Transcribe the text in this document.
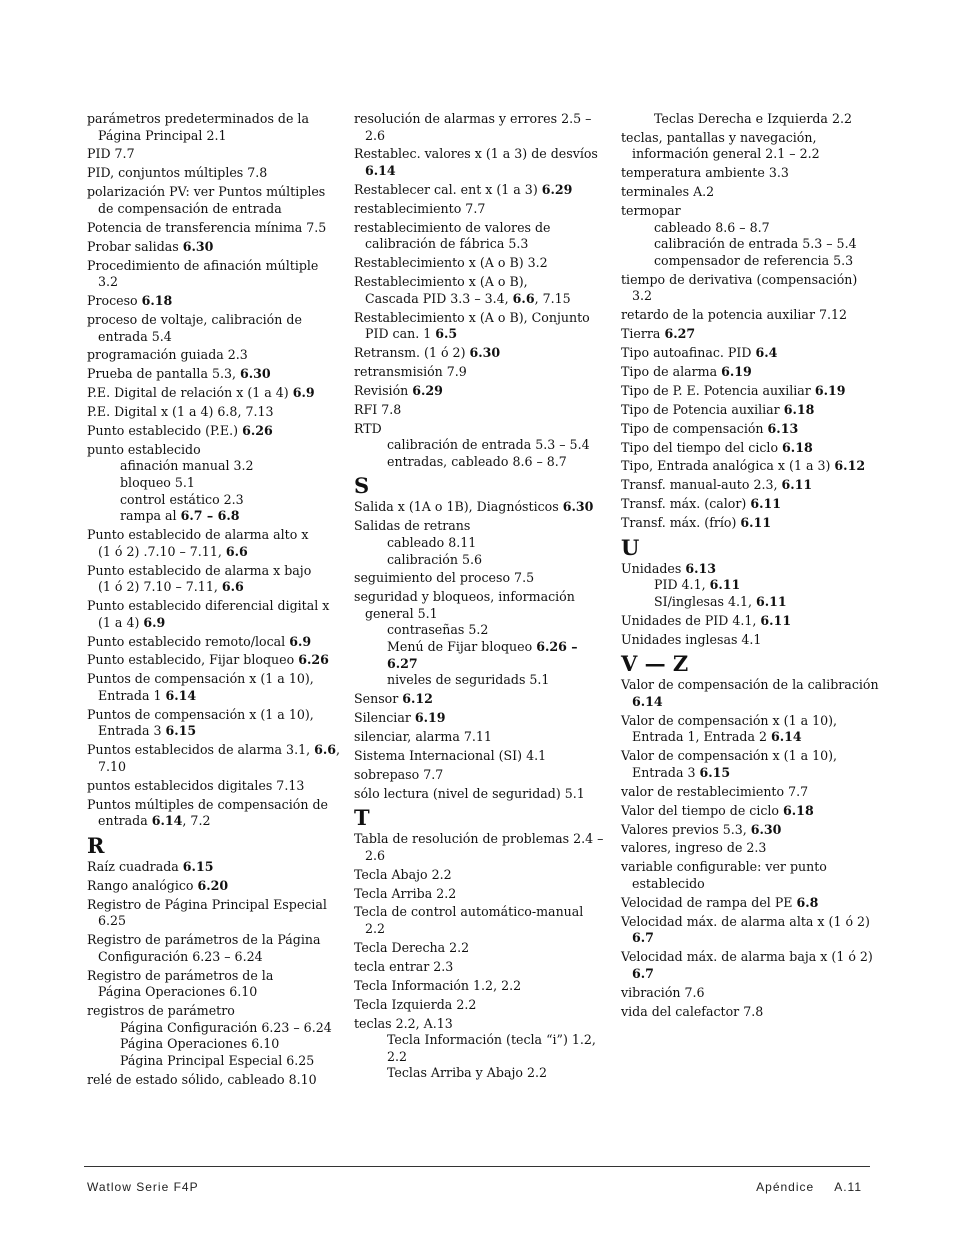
parámetros predeterminados de la
Página Principal 2.1
PID 7.7
PID, conjuntos múltiples 7.8
polarización PV: ver Puntos múltiples
de compensación de entrada
Potencia de transferencia mínima 7.5
Probar salidas 6.30
Procedimiento de afinación múltiple
3.2
Proceso 6.18
proceso de voltaje, calibración de
entrada 5.4
programación guiada 2.3
Prueba de pantalla 5.3, 6.30
P.E. Digital de relación x (1 a 4) 6.9
P.E. Digital x (1 a 4) 6.8, 7.13
Punto establecido (P.E.) 6.26
punto establecido
afinación manual 3.2
bloqueo 5.1
control estático 2.3
rampa al 6.7 – 6.8
Punto establecido de alarma alto x
(1 ó 2) .7.10 – 7.11, 6.6
Punto establecido de alarma x bajo
(1 ó 2) 7.10 – 7.11, 6.6
Punto establecido diferencial digital x
(1 a 4) 6.9
Punto establecido remoto/local 6.9
Punto establecido, Fijar bloqueo 6.26
Puntos de compensación x (1 a 10),
Entrada 1 6.14
Puntos de compensación x (1 a 10),
Entrada 3 6.15
Puntos establecidos de alarma 3.1, 6.6,
7.10
puntos establecidos digitales 7.13
Puntos múltiples de compensación de
entrada 6.14, 7.2
R
Raíz cuadrada 6.15
Rango analógico 6.20
Registro de Página Principal Especial
6.25
Registro de parámetros de la Página
Configuración 6.23 – 6.24
Registro de parámetros de la
Página Operaciones 6.10
registros de parámetro
Página Configuración 6.23 – 6.24
Página Operaciones 6.10
Página Principal Especial 6.25
relé de estado sólido, cableado 8.10
resolución de alarmas y errores 2.5 –
2.6
Restablec. valores x (1 a 3) de desvíos
6.14
Restablecer cal. ent x (1 a 3) 6.29
restablecimiento 7.7
restablecimiento de valores de
calibración de fábrica 5.3
Restablecimiento x (A o B) 3.2
Restablecimiento x (A o B),
Cascada PID 3.3 – 3.4, 6.6, 7.15
Restablecimiento x (A o B), Conjunto
PID can. 1 6.5
Retransm. (1 ó 2) 6.30
retransmisión 7.9
Revisión 6.29
RFI 7.8
RTD
calibración de entrada 5.3 – 5.4
entradas, cableado 8.6 – 8.7
S
Salida x (1A o 1B), Diagnósticos 6.30
Salidas de retrans
cableado 8.11
calibración 5.6
seguimiento del proceso 7.5
seguridad y bloqueos, información
general 5.1
contraseñas 5.2
Menú de Fijar bloqueo 6.26 –
6.27
niveles de seguridads 5.1
Sensor 6.12
Silenciar 6.19
silenciar, alarma 7.11
Sistema Internacional (SI) 4.1
sobrepaso 7.7
sólo lectura (nivel de seguridad) 5.1
T
Tabla de resolución de problemas 2.4 –
2.6
Tecla Abajo 2.2
Tecla Arriba 2.2
Tecla de control automático-manual
2.2
Tecla Derecha 2.2
tecla entrar 2.3
Tecla Información 1.2, 2.2
Tecla Izquierda 2.2
teclas 2.2, A.13
Tecla Información (tecla “i”) 1.2,
2.2
Teclas Arriba y Abajo 2.2
Teclas Derecha e Izquierda 2.2
teclas, pantallas y navegación,
información general 2.1 – 2.2
temperatura ambiente 3.3
terminales A.2
termopar
cableado 8.6 – 8.7
calibración de entrada 5.3 – 5.4
compensador de referencia 5.3
tiempo de derivativa (compensación)
3.2
retardo de la potencia auxiliar 7.12
Tierra 6.27
Tipo autoafinac. PID 6.4
Tipo de alarma 6.19
Tipo de P. E. Potencia auxiliar 6.19
Tipo de Potencia auxiliar 6.18
Tipo de compensación 6.13
Tipo del tiempo del ciclo 6.18
Tipo, Entrada analógica x (1 a 3) 6.12
Transf. manual-auto 2.3, 6.11
Transf. máx. (calor) 6.11
Transf. máx. (frío) 6.11
U
Unidades 6.13
PID 4.1, 6.11
SI/inglesas 4.1, 6.11
Unidades de PID 4.1, 6.11
Unidades inglesas 4.1
V — Z
Valor de compensación de la calibración
6.14
Valor de compensación x (1 a 10),
Entrada 1, Entrada 2 6.14
Valor de compensación x (1 a 10),
Entrada 3 6.15
valor de restablecimiento 7.7
Valor del tiempo de ciclo 6.18
Valores previos 5.3, 6.30
valores, ingreso de 2.3
variable configurable: ver punto
establecido
Velocidad de rampa del PE 6.8
Velocidad máx. de alarma alta x (1 ó 2)
6.7
Velocidad máx. de alarma baja x (1 ó 2)
6.7
vibración 7.6
vida del calefactor 7.8
Watlow Serie F4P	Apéndice A.11
